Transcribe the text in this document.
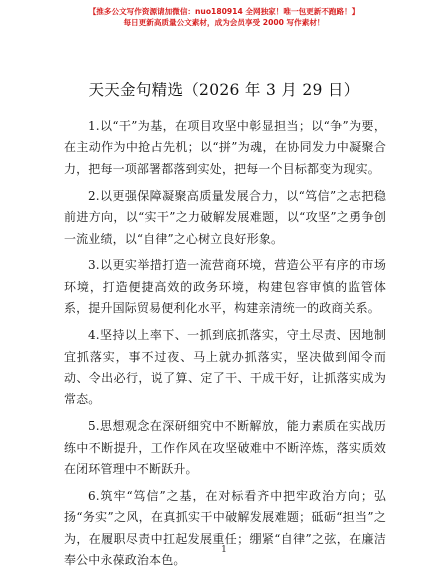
【推多公文写作资源请加微信：nuo180914 全网独家！唯一包更新不跑路！】
每日更新高质量公文素材，成为会员享受 2000 写作素材！
天天金句精选（2026 年 3 月 29 日）

1.以“干”为基，在项目攻坚中彰显担当；以“争”为要，在主动作为中抢占先机；以“拼”为魂，在协同发力中凝聚合力，把每一项部署都落到实处，把每一个目标都变为现实。

2.以更强保障凝聚高质量发展合力，以“笃信”之志把稳前进方向，以“实干”之力破解发展难题，以“攻坚”之勇争创一流业绩，以“自律”之心树立良好形象。

3.以更实举措打造一流营商环境，营造公平有序的市场环境，打造便捷高效的政务环境，构建包容审慎的监管体系，提升国际贸易便利化水平，构建亲清统一的政商关系。

4.坚持以上率下、一抓到底抓落实，守土尽责、因地制宜抓落实，事不过夜、马上就办抓落实，坚决做到闻令而动、令出必行，说了算、定了干、干成干好，让抓落实成为常态。

5.思想观念在深研细究中不断解放，能力素质在实战历练中不断提升，工作作风在攻坚破难中不断淬炼，落实质效在闭环管理中不断跃升。

6.筑牢“笃信”之基，在对标看齐中把牢政治方向；弘扬“务实”之风，在真抓实干中破解发展难题；砥砺“担当”之为，在履职尽责中扛起发展重任；绷紧“自律”之弦，在廉洁奉公中永葆政治本色。

1
